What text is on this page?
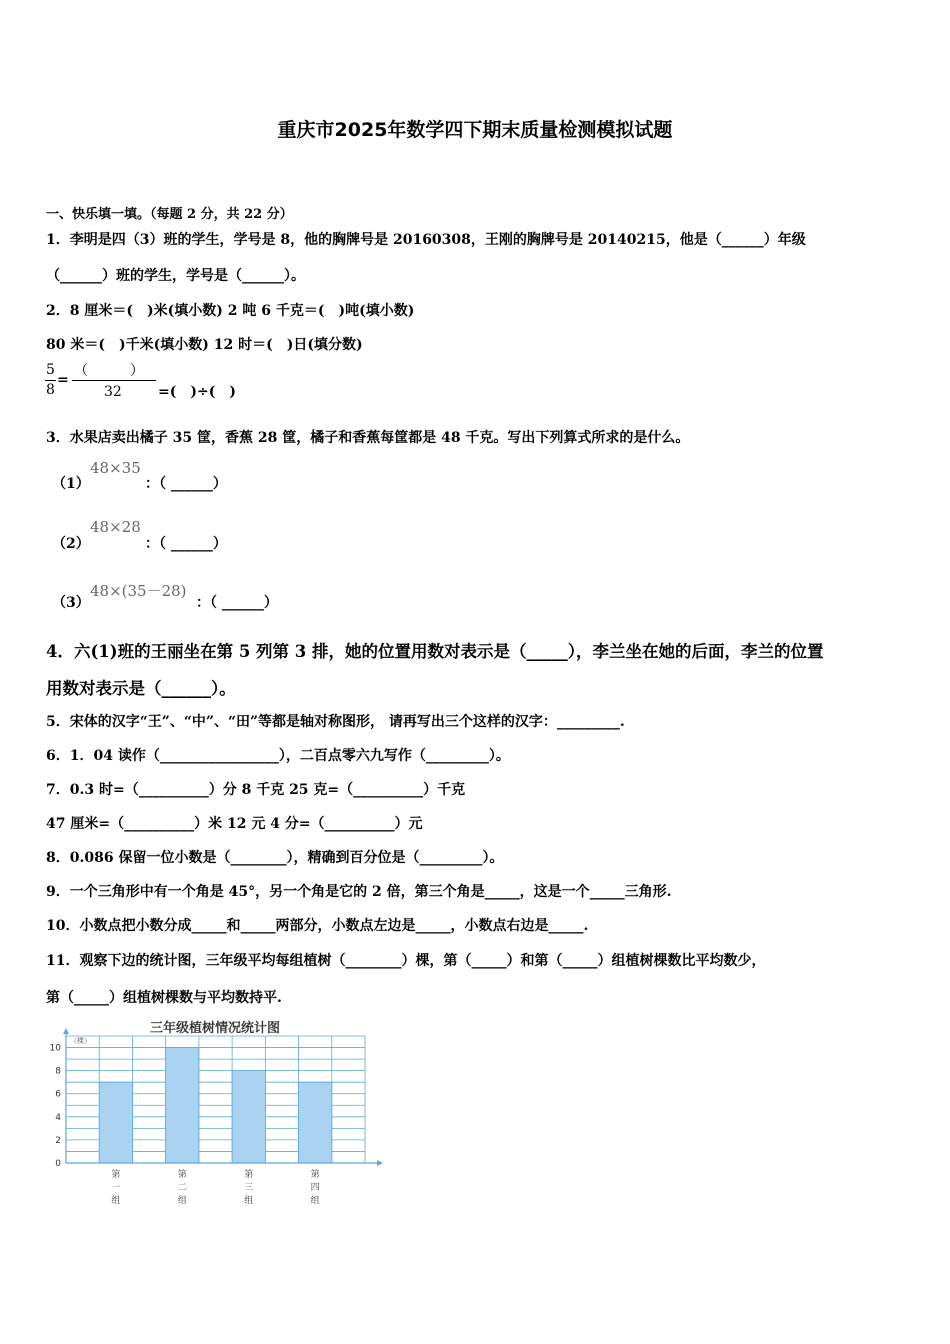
重庆市2025年数学四下期末质量检测模拟试题
一、快乐填一填。（每题 2 分，共 22 分）
1．李明是四（3）班的学生，学号是 8，他的胸牌号是 20160308，王刚的胸牌号是 20140215，他是（______）年级
（______）班的学生，学号是（______）。
2．8 厘米＝(　)米(填小数) 2 吨 6 千克＝(　)吨(填小数)
80 米＝(　)千米(填小数) 12 时＝(　)日(填分数)
5
8
=
（　　　）
32	=(　)÷(　)
3．水果店卖出橘子 35 筐，香蕉 28 筐，橘子和香蕉每筐都是 48 千克。写出下列算式所求的是什么。
（1）
48×35
：（ ______）
（2）
48×28
：（ ______）
（3）
48×(35－28)
：（ ______）
4．六(1)班的王丽坐在第 5 列第 3 排，她的位置用数对表示是（_____），李兰坐在她的后面，李兰的位置
用数对表示是（______）。
5．宋体的汉字“王”、“中”、“田”等都是轴对称图形， 请再写出三个这样的汉字：_________.
6．1．04 读作（_________________），二百点零六九写作（_________）。
7．0.3 时=（__________）分 8 千克 25 克=（__________）千克
47 厘米=（__________）米 12 元 4 分=（__________）元
8．0.086 保留一位小数是（________），精确到百分位是（_________）。
9．一个三角形中有一个角是 45°，另一个角是它的 2 倍，第三个角是_____，这是一个_____三角形.
10．小数点把小数分成_____和_____两部分，小数点左边是_____，小数点右边是_____.
11．观察下边的统计图，三年级平均每组植树（________）棵，第（_____）和第（_____）组植树棵数比平均数少，
第（_____）组植树棵数与平均数持平.
三年级植树情况统计图
第
一
组
第
二
组
第
三
组
第
四
组
0
2
4
6
8
10
（棵）
